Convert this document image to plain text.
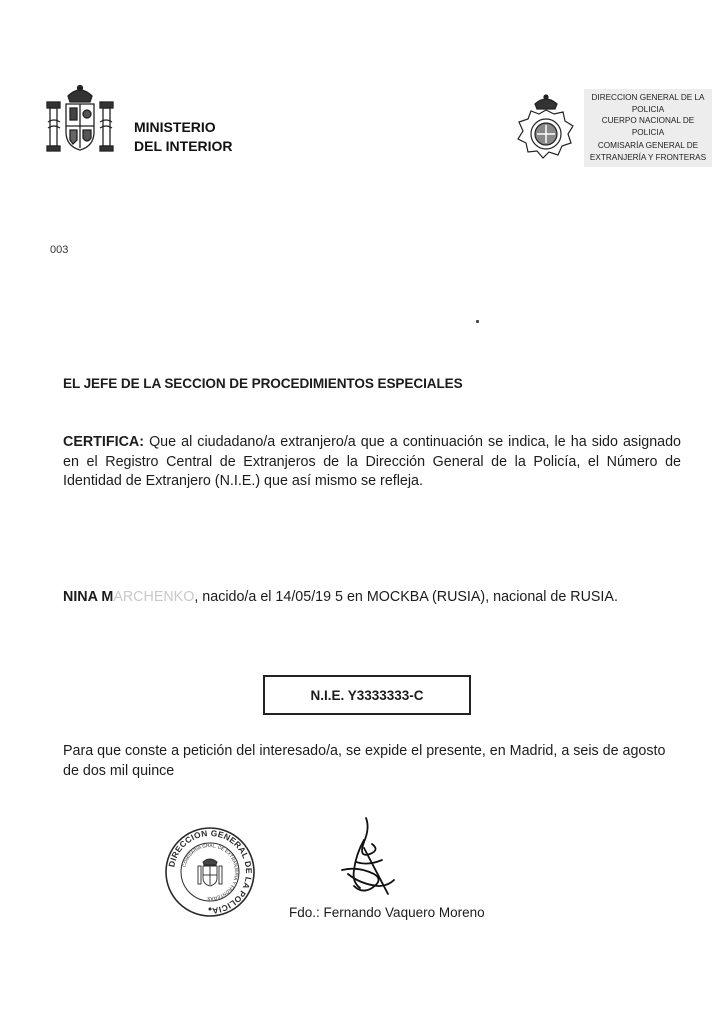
MINISTERIO
DEL INTERIOR
DIRECCION GENERAL DE LA
POLICIA
CUERPO NACIONAL DE
POLICIA
COMISARÍA GENERAL DE
EXTRANJERÍA Y FRONTERAS
003
EL JEFE DE LA SECCION DE PROCEDIMIENTOS ESPECIALES
CERTIFICA: Que al ciudadano/a extranjero/a que a continuación se indica, le ha sido asignado en el Registro Central de Extranjeros de la Dirección General de la Policía, el Número de Identidad de Extranjero (N.I.E.) que así mismo se refleja.
NINA MARCHENKO, nacido/a el 14/05/19 5 en MOCKBA (RUSIA), nacional de RUSIA.
N.I.E. Y3333333-C
Para que conste a petición del interesado/a, se expide el presente, en Madrid, a seis de agosto de dos mil quince
DIRECCION GENERAL DE LA POLICIA
COMISARIA GRAL. DE EXTRANJERIA Y FRONTERAS
Fdo.: Fernando Vaquero Moreno
